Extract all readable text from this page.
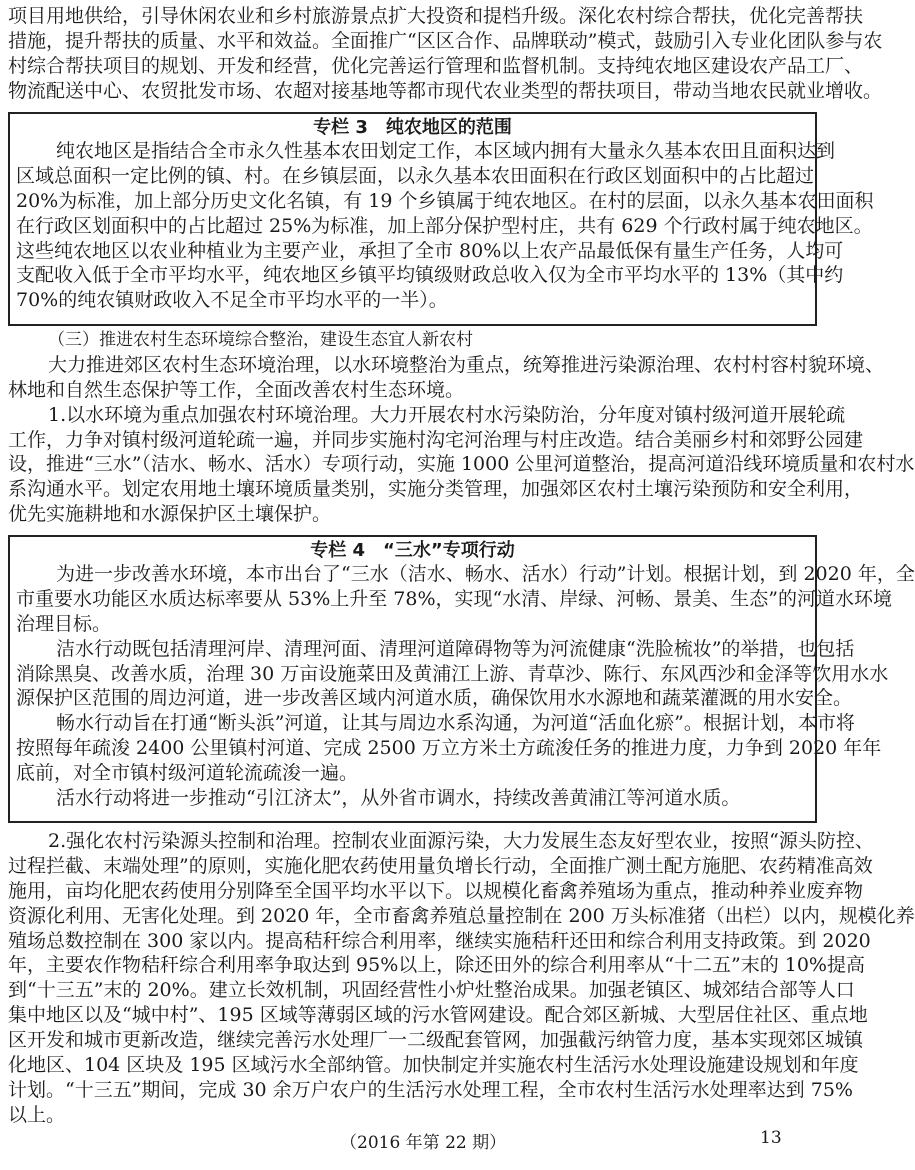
项目用地供给，引导休闲农业和乡村旅游景点扩大投资和提档升级。深化农村综合帮扶，优化完善帮扶
措施，提升帮扶的质量、水平和效益。全面推广“区区合作、品牌联动”模式，鼓励引入专业化团队参与农
村综合帮扶项目的规划、开发和经营，优化完善运行管理和监督机制。支持纯农地区建设农产品工厂、
物流配送中心、农贸批发市场、农超对接基地等都市现代农业类型的帮扶项目，带动当地农民就业增收。
专栏 3　纯农地区的范围
纯农地区是指结合全市永久性基本农田划定工作，本区域内拥有大量永久基本农田且面积达到
区域总面积一定比例的镇、村。在乡镇层面，以永久基本农田面积在行政区划面积中的占比超过
20%为标准，加上部分历史文化名镇，有 19 个乡镇属于纯农地区。在村的层面，以永久基本农田面积
在行政区划面积中的占比超过 25%为标准，加上部分保护型村庄，共有 629 个行政村属于纯农地区。
这些纯农地区以农业种植业为主要产业，承担了全市 80%以上农产品最低保有量生产任务，人均可
支配收入低于全市平均水平，纯农地区乡镇平均镇级财政总收入仅为全市平均水平的 13%（其中约
70%的纯农镇财政收入不足全市平均水平的一半）。
（三）推进农村生态环境综合整治，建设生态宜人新农村
大力推进郊区农村生态环境治理，以水环境整治为重点，统筹推进污染源治理、农村村容村貌环境、
林地和自然生态保护等工作，全面改善农村生态环境。
1.以水环境为重点加强农村环境治理。大力开展农村水污染防治，分年度对镇村级河道开展轮疏
工作，力争对镇村级河道轮疏一遍，并同步实施村沟宅河治理与村庄改造。结合美丽乡村和郊野公园建
设，推进“三水”（洁水、畅水、活水）专项行动，实施 1000 公里河道整治，提高河道沿线环境质量和农村水
系沟通水平。划定农用地土壤环境质量类别，实施分类管理，加强郊区农村土壤污染预防和安全利用，
优先实施耕地和水源保护区土壤保护。
专栏 4　“三水”专项行动
为进一步改善水环境，本市出台了“三水（洁水、畅水、活水）行动”计划。根据计划，到 2020 年，全
市重要水功能区水质达标率要从 53%上升至 78%，实现“水清、岸绿、河畅、景美、生态”的河道水环境
治理目标。
洁水行动既包括清理河岸、清理河面、清理河道障碍物等为河流健康“洗脸梳妆”的举措，也包括
消除黑臭、改善水质，治理 30 万亩设施菜田及黄浦江上游、青草沙、陈行、东风西沙和金泽等饮用水水
源保护区范围的周边河道，进一步改善区域内河道水质，确保饮用水水源地和蔬菜灌溉的用水安全。
畅水行动旨在打通“断头浜”河道，让其与周边水系沟通，为河道“活血化瘀”。根据计划，本市将
按照每年疏浚 2400 公里镇村河道、完成 2500 万立方米土方疏浚任务的推进力度，力争到 2020 年年
底前，对全市镇村级河道轮流疏浚一遍。
活水行动将进一步推动“引江济太”，从外省市调水，持续改善黄浦江等河道水质。
2.强化农村污染源头控制和治理。控制农业面源污染，大力发展生态友好型农业，按照“源头防控、
过程拦截、末端处理”的原则，实施化肥农药使用量负增长行动，全面推广测土配方施肥、农药精准高效
施用，亩均化肥农药使用分别降至全国平均水平以下。以规模化畜禽养殖场为重点，推动种养业废弃物
资源化利用、无害化处理。到 2020 年，全市畜禽养殖总量控制在 200 万头标准猪（出栏）以内，规模化养
殖场总数控制在 300 家以内。提高秸秆综合利用率，继续实施秸秆还田和综合利用支持政策。到 2020
年，主要农作物秸秆综合利用率争取达到 95%以上，除还田外的综合利用率从“十二五”末的 10%提高
到“十三五”末的 20%。建立长效机制，巩固经营性小炉灶整治成果。加强老镇区、城郊结合部等人口
集中地区以及“城中村”、195 区域等薄弱区域的污水管网建设。配合郊区新城、大型居住社区、重点地
区开发和城市更新改造，继续完善污水处理厂一二级配套管网，加强截污纳管力度，基本实现郊区城镇
化地区、104 区块及 195 区域污水全部纳管。加快制定并实施农村生活污水处理设施建设规划和年度
计划。“十三五”期间，完成 30 余万户农户的生活污水处理工程，全市农村生活污水处理率达到 75%
以上。
（2016 年第 22 期）	13
